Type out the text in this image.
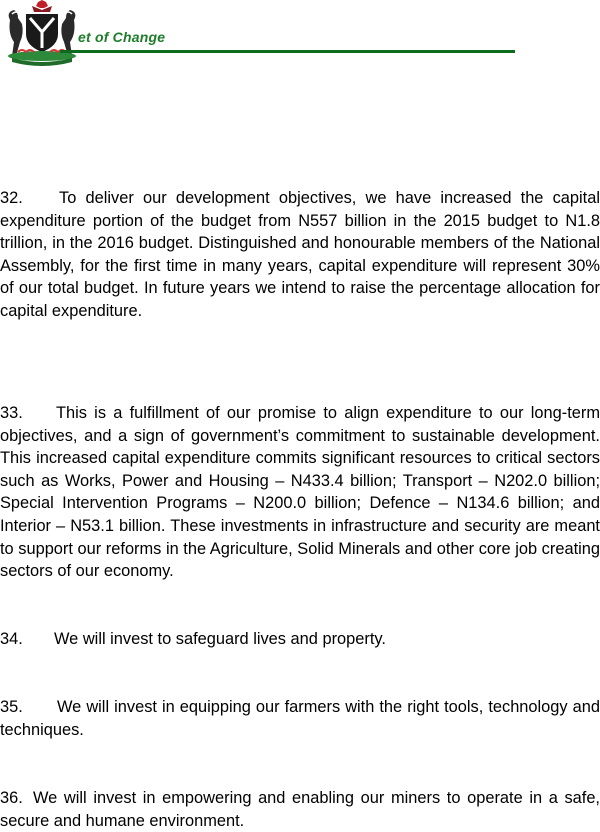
et of Change

32. To deliver our development objectives, we have increased the capital expenditure portion of the budget from N557 billion in the 2015 budget to N1.8 trillion, in the 2016 budget. Distinguished and honourable members of the National Assembly, for the first time in many years, capital expenditure will represent 30% of our total budget. In future years we intend to raise the percentage allocation for capital expenditure.

33. This is a fulfillment of our promise to align expenditure to our long-term objectives, and a sign of government’s commitment to sustainable development. This increased capital expenditure commits significant resources to critical sectors such as Works, Power and Housing – N433.4 billion; Transport – N202.0 billion; Special Intervention Programs – N200.0 billion; Defence – N134.6 billion; and Interior – N53.1 billion. These investments in infrastructure and security are meant to support our reforms in the Agriculture, Solid Minerals and other core job creating sectors of our economy.

34. We will invest to safeguard lives and property.

35. We will invest in equipping our farmers with the right tools, technology and techniques.

36. We will invest in empowering and enabling our miners to operate in a safe, secure and humane environment.
